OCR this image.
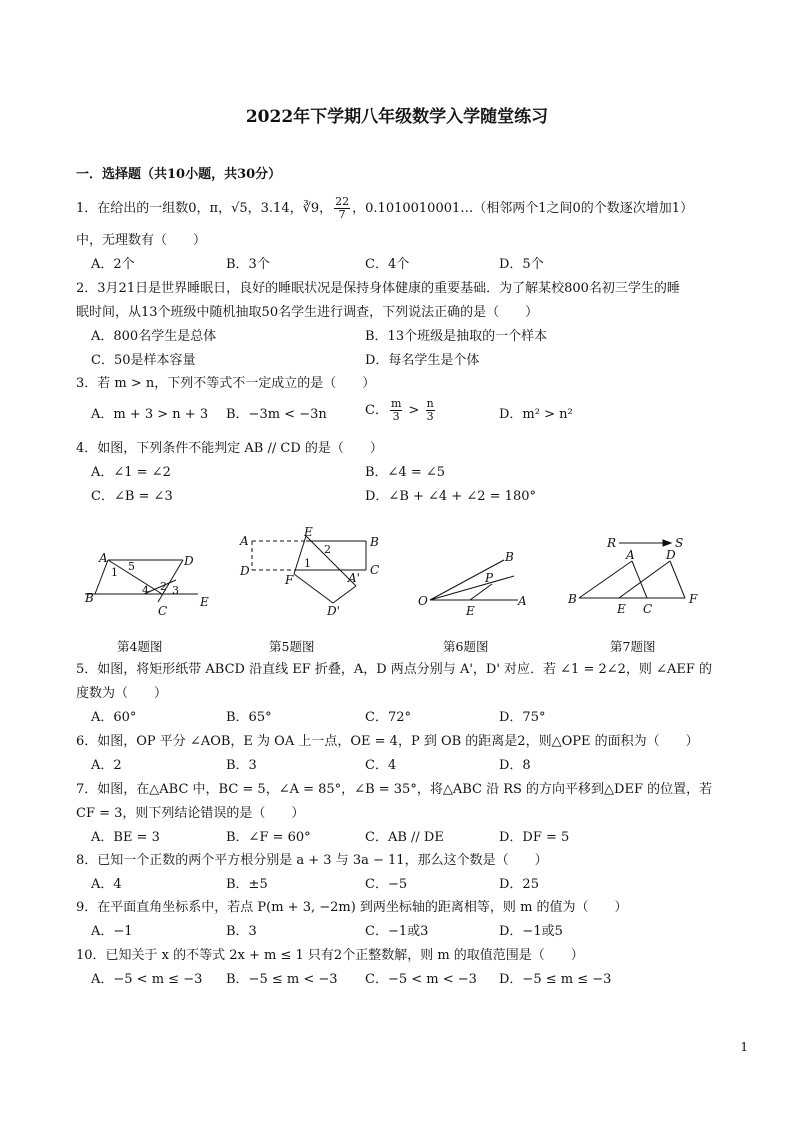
2022年下学期八年级数学入学随堂练习
一．选择题（共10小题，共30分）
1．在给出的一组数0，π，√5，3.14，∛9， $\frac{22}{7}$ ，0.1010010001…（相邻两个1之间0的个数逐次增加1）
中，无理数有（　　）
A．2个	B．3个	C．4个	D．5个
2．3月21日是世界睡眠日，良好的睡眠状况是保持身体健康的重要基础．为了解某校800名初三学生的睡
眠时间，从13个班级中随机抽取50名学生进行调查，下列说法正确的是（　　）
A．800名学生是总体	B．13个班级是抽取的一个样本
C．50是样本容量	D．每名学生是个体
3．若 m > n，下列不等式不一定成立的是（　　）
A．m + 3 > n + 3 B．−3m < −3n	C． $\frac{m}{3} > \frac{n}{3}$	D．m² > n²
4．如图，下列条件不能判定 AB // CD 的是（　　）
A．∠1 = ∠2	B．∠4 = ∠5
C．∠B = ∠3	D．∠B + ∠4 + ∠2 = 180°
A	D
B
C
E
1 5
4 2 3
第4题图
A
D
E
B
C
F	A'
D'
2
1
第5题图
O	A
B
P
E
第6题图
R	S
A	D
B
E C
F
第7题图
5．如图，将矩形纸带 ABCD 沿直线 EF 折叠，A，D 两点分别与 A'，D' 对应．若 ∠1 = 2∠2，则 ∠AEF 的
度数为（　　）
A．60°	B．65°	C．72°	D．75°
6．如图，OP 平分 ∠AOB，E 为 OA 上一点，OE = 4，P 到 OB 的距离是2，则△OPE 的面积为（　　）
A．2	B．3	C．4	D．8
7．如图，在△ABC 中，BC = 5，∠A = 85°，∠B = 35°，将△ABC 沿 RS 的方向平移到△DEF 的位置，若
CF = 3，则下列结论错误的是（　　）
A．BE = 3	B．∠F = 60°	C．AB // DE	D．DF = 5
8．已知一个正数的两个平方根分别是 a + 3 与 3a − 11，那么这个数是（　　）
A．4	B．±5	C．−5	D．25
9．在平面直角坐标系中，若点 P(m + 3, −2m) 到两坐标轴的距离相等，则 m 的值为（　　）
A．−1	B．3	C．−1或3	D．−1或5
10．已知关于 x 的不等式 2x + m ≤ 1 只有2个正整数解，则 m 的取值范围是（　　）
A．−5 < m ≤ −3 B．−5 ≤ m < −3 C．−5 < m < −3 D．−5 ≤ m ≤ −3
1
